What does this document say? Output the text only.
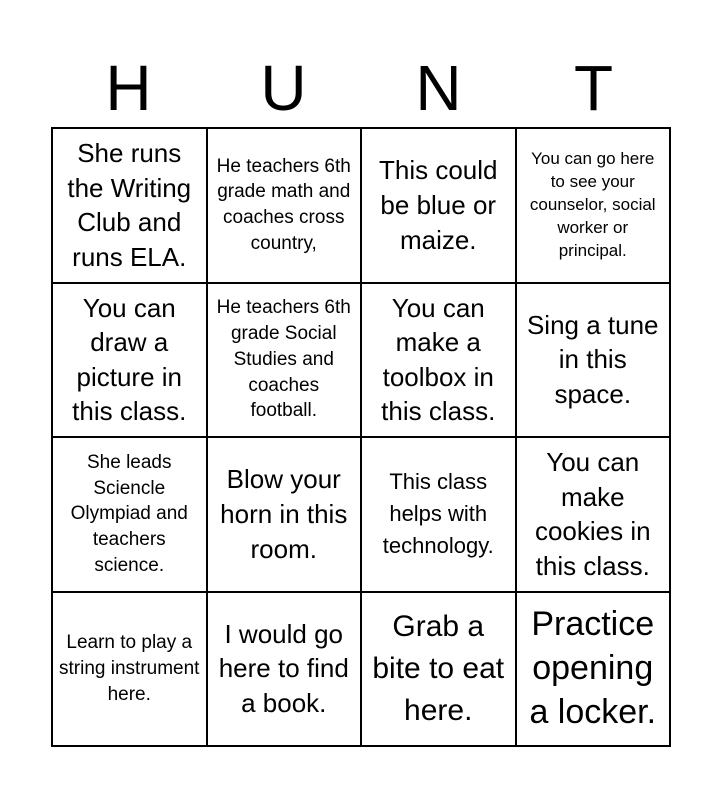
H	U	N	T
She runs the Writing Club and runs ELA.
He teachers 6th grade math and coaches cross country,
This could be blue or maize.
You can go here to see your counselor, social worker or principal.
You can draw a picture in this class.
He teachers 6th grade Social Studies and coaches football.
You can make a toolbox in this class.
Sing a tune in this space.
She leads Sciencle Olympiad and teachers science.
Blow your horn in this room.
This class helps with technology.
You can make cookies in this class.
Learn to play a string instrument here.
I would go here to find a book.
Grab a bite to eat here.
Practice opening a locker.
